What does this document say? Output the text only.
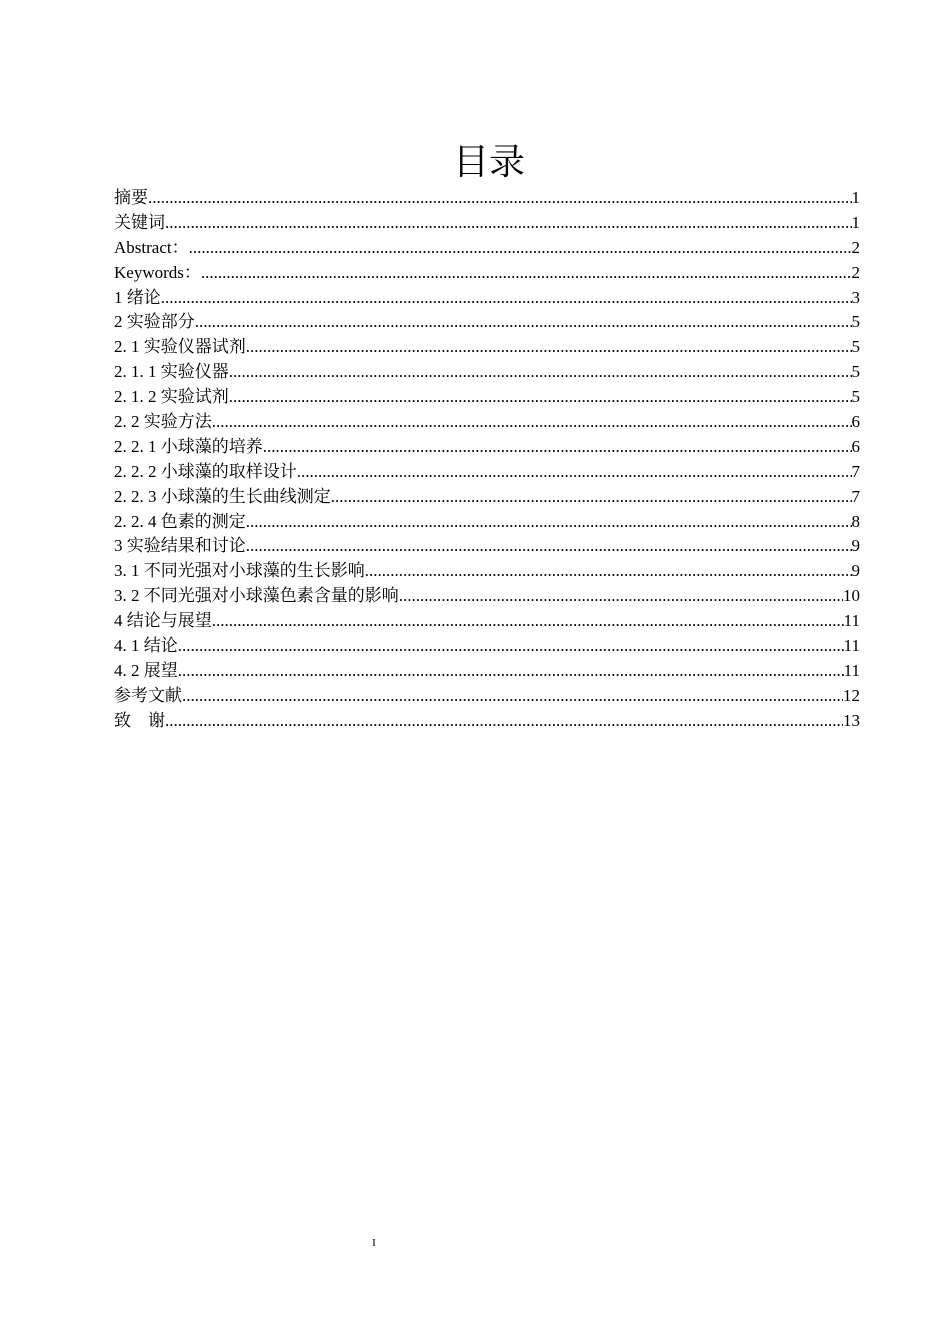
目录
摘要 .....	1
关键词 .....	1
Abstract： .....	2
Keywords： .....	2
1 绪论 .....	3
2 实验部分 .....	5
2. 1 实验仪器试剂 .....	5
2. 1. 1 实验仪器 .....	5
2. 1. 2 实验试剂 .....	5
2. 2 实验方法 .....	6
2. 2. 1 小球藻的培养 .....	6
2. 2. 2 小球藻的取样设计 .....	7
2. 2. 3 小球藻的生长曲线测定 .....	7
2. 2. 4 色素的测定 .....	8
3 实验结果和讨论 .....	9
3. 1 不同光强对小球藻的生长影响 .....	9
3. 2 不同光强对小球藻色素含量的影响 .....	10
4 结论与展望 .....	11
4. 1 结论 .....	11
4. 2 展望 .....	11
参考文献 .....	12
致　谢 .....	13
I
